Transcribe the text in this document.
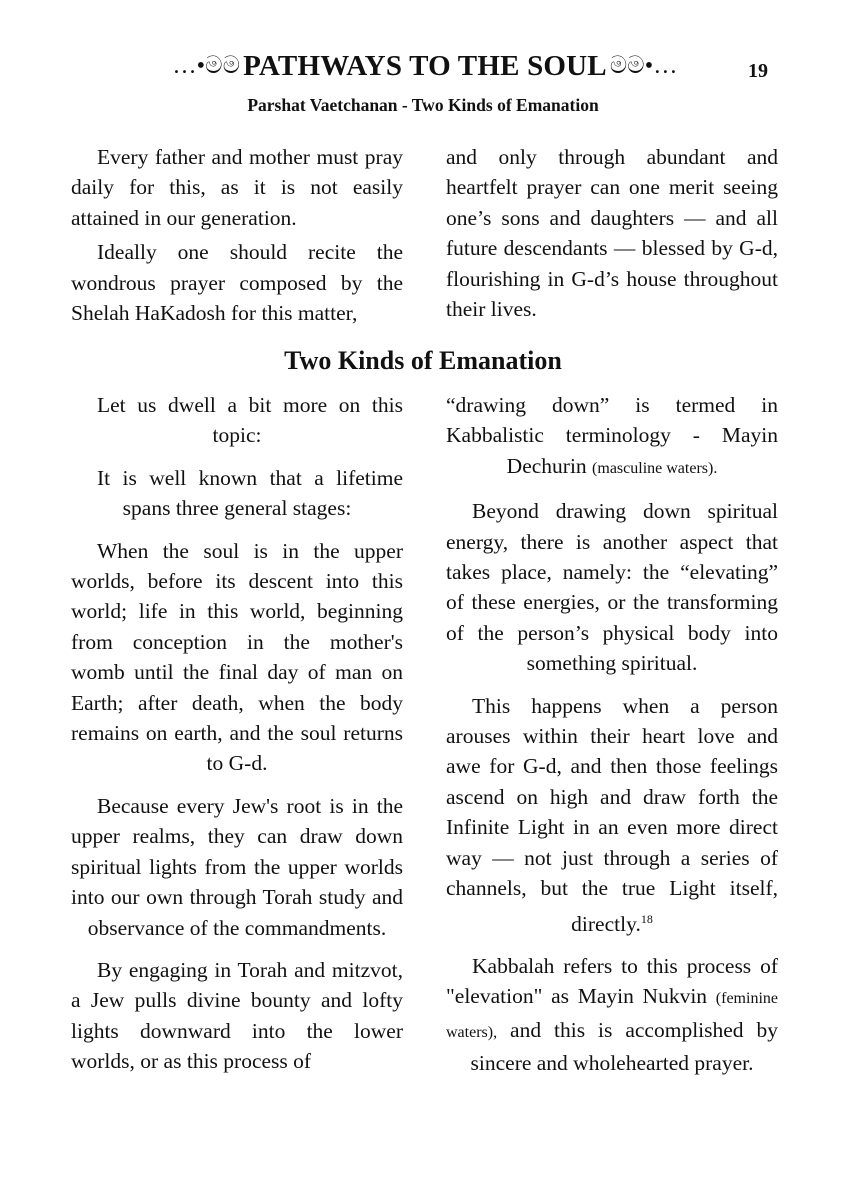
…•මම PATHWAYS TO THE SOUL මම•…	19
Parshat Vaetchanan - Two Kinds of Emanation

Every father and mother must pray daily for this, as it is not easily attained in our generation.

Ideally one should recite the wondrous prayer composed by the Shelah HaKadosh for this matter,

and only through abundant and heartfelt prayer can one merit seeing one’s sons and daughters — and all future descendants — blessed by G-d, flourishing in G-d’s house throughout their lives.

Two Kinds of Emanation

Let us dwell a bit more on this topic:

It is well known that a lifetime spans three general stages:

When the soul is in the upper worlds, before its descent into this world; life in this world, beginning from conception in the mother's womb until the final day of man on Earth; after death, when the body remains on earth, and the soul returns to G-d.

Because every Jew's root is in the upper realms, they can draw down spiritual lights from the upper worlds into our own through Torah study and observance of the commandments.

By engaging in Torah and mitzvot, a Jew pulls divine bounty and lofty lights downward into the lower worlds, or as this process of

“drawing down” is termed in Kabbalistic terminology - Mayin Dechurin (masculine waters).

Beyond drawing down spiritual energy, there is another aspect that takes place, namely: the “elevating” of these energies, or the transforming of the person’s physical body into something spiritual.

This happens when a person arouses within their heart love and awe for G-d, and then those feelings ascend on high and draw forth the Infinite Light in an even more direct way — not just through a series of channels, but the true Light itself, directly.$^{18}$

Kabbalah refers to this process of "elevation" as Mayin Nukvin (feminine waters), and this is accomplished by sincere and wholehearted prayer.
